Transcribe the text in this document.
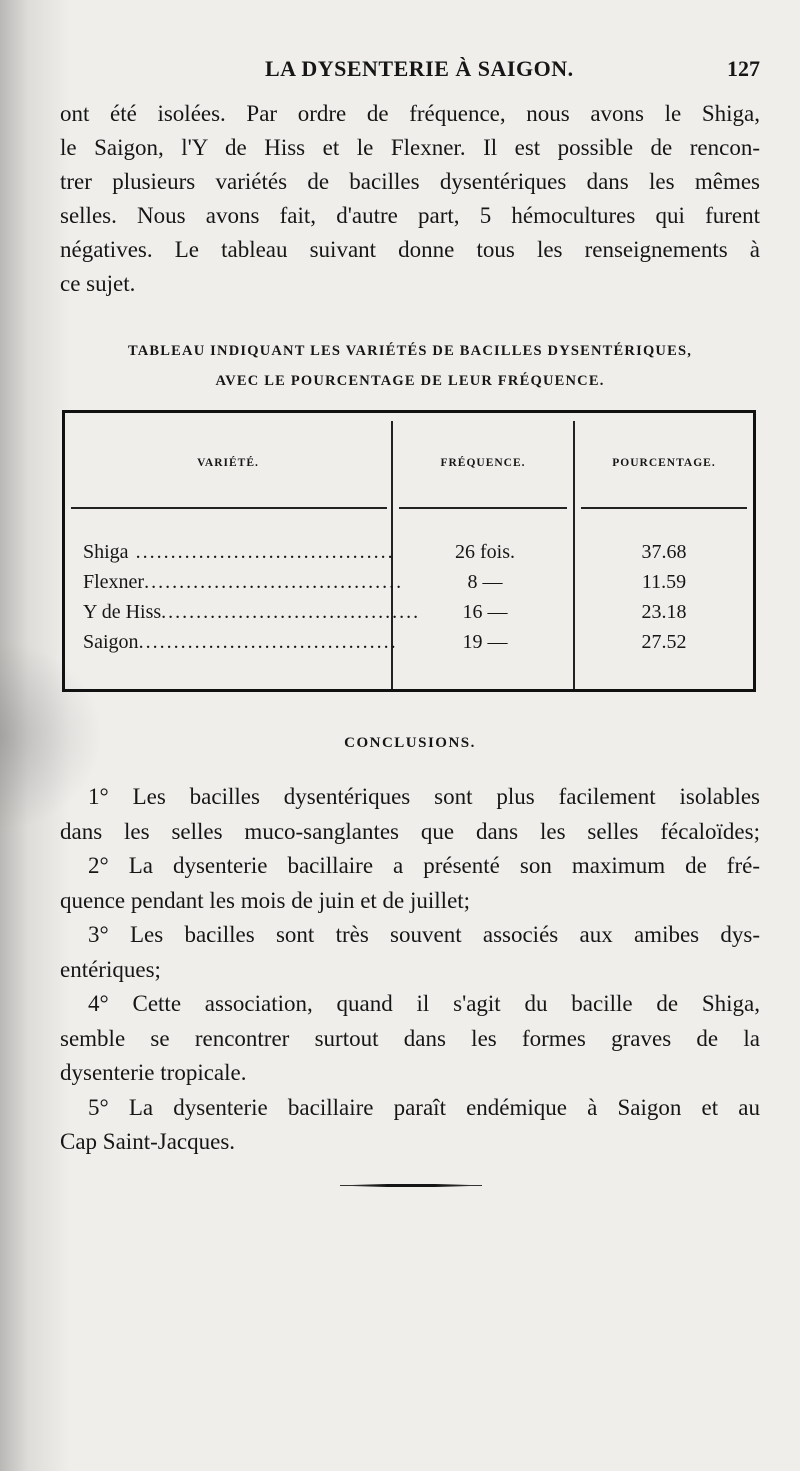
LA DYSENTERIE À SAIGON.	127
ont été isolées. Par ordre de fréquence, nous avons le Shiga,
le Saigon, l'Y de Hiss et le Flexner. Il est possible de rencon-
trer plusieurs variétés de bacilles dysentériques dans les mêmes
selles. Nous avons fait, d'autre part, 5 hémocultures qui furent
négatives. Le tableau suivant donne tous les renseignements à
ce sujet.
TABLEAU INDIQUANT LES VARIÉTÉS DE BACILLES DYSENTÉRIQUES,
AVEC LE POURCENTAGE DE LEUR FRÉQUENCE.
VARIÉTÉ.	FRÉQUENCE.	POURCENTAGE.
Shiga .....................................	26 fois.	37.68
Flexner.....................................	8 —	11.59
Y de Hiss.....................................	16 —	23.18
Saigon.....................................	19 —	27.52
CONCLUSIONS.
1° Les bacilles dysentériques sont plus facilement isolables
dans les selles muco-sanglantes que dans les selles fécaloïdes;
2° La dysenterie bacillaire a présenté son maximum de fré-
quence pendant les mois de juin et de juillet;
3° Les bacilles sont très souvent associés aux amibes dys-
entériques;
4° Cette association, quand il s'agit du bacille de Shiga,
semble se rencontrer surtout dans les formes graves de la
dysenterie tropicale.
5° La dysenterie bacillaire paraît endémique à Saigon et au
Cap Saint-Jacques.
